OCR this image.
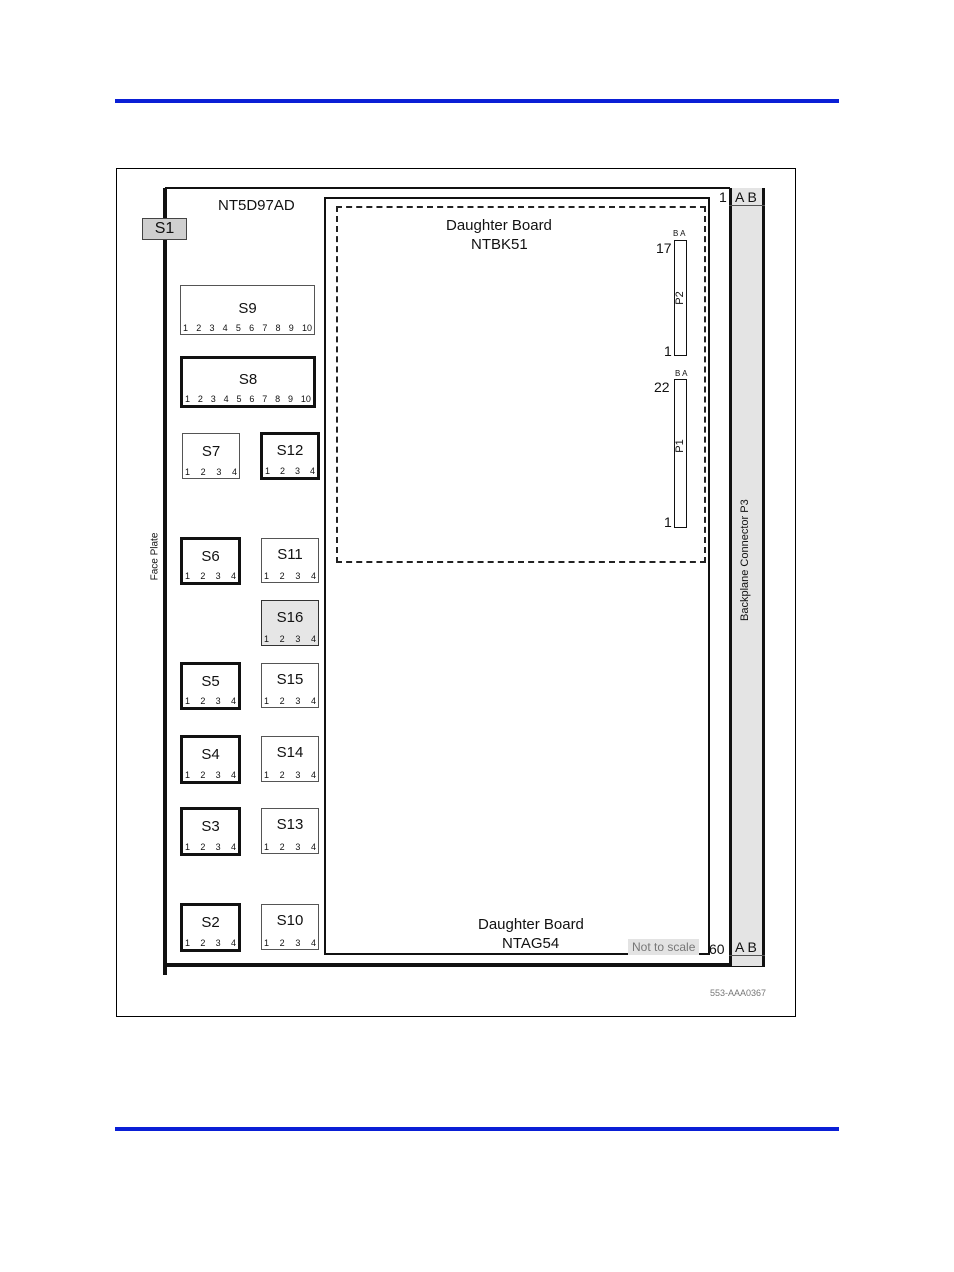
Face Plate
S1
NT5D97AD
Daughter Board
NTBK51
Daughter Board
NTAG54
B A
17
P2
1
B A
22
P1
1	Backplane Connector P3
1 A B
60 A B
Not to scale
553-AAA0367
S9
1 2 3 4 5 6 7 8 9 10
S8
1 2 3 4 5 6 7 8 9 10
S7
1 2 3 4
S12
1 2 3 4
S6
1 2 3 4
S11
1 2 3 4
S16
1 2 3 4
S5
1 2 3 4
S15
1 2 3 4
S4
1 2 3 4
S14
1 2 3 4
S3
1 2 3 4
S13
1 2 3 4
S2
1 2 3 4
S10
1 2 3 4
